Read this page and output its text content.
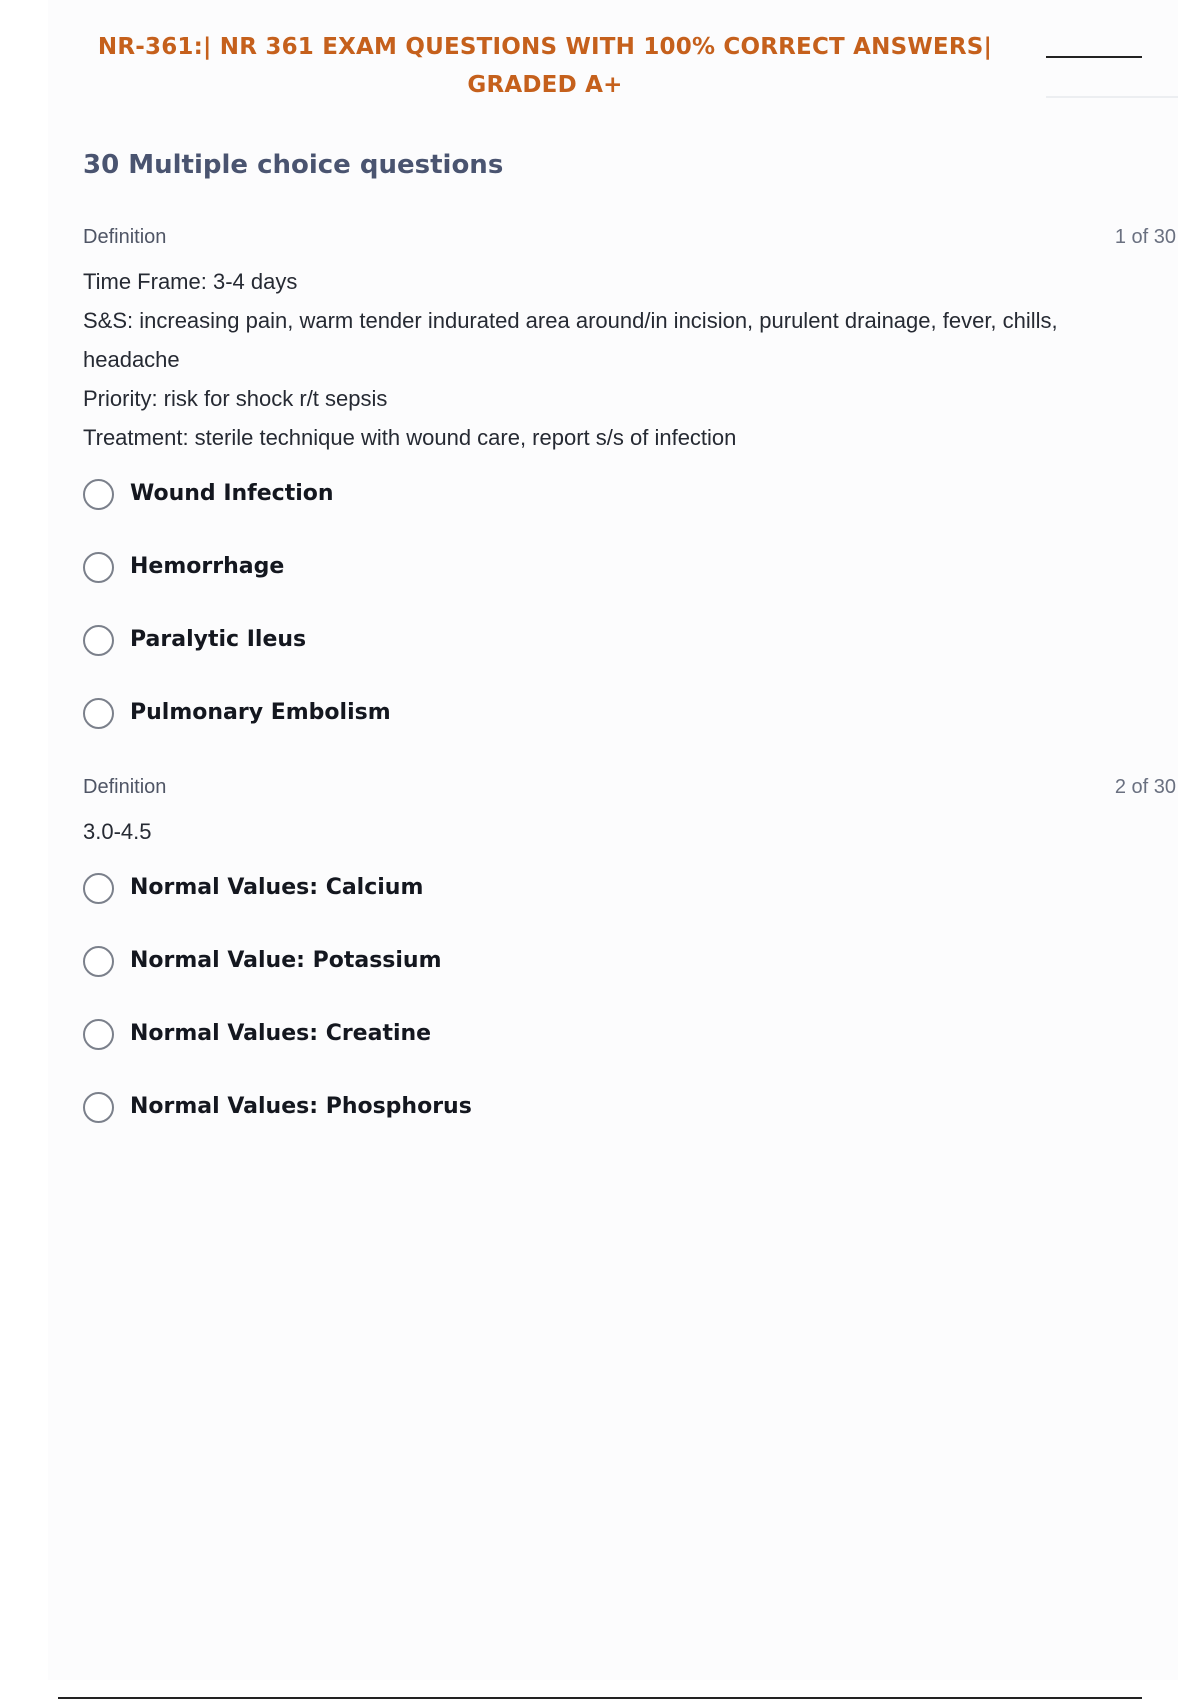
NR-361:| NR 361 EXAM QUESTIONS WITH 100% CORRECT ANSWERS|
GRADED A+
30 Multiple choice questions
Definition	1 of 30
Time Frame: 3-4 days
S&S: increasing pain, warm tender indurated area around/in incision, purulent drainage, fever, chills, headache
Priority: risk for shock r/t sepsis
Treatment: sterile technique with wound care, report s/s of infection
Wound Infection
Hemorrhage
Paralytic Ileus
Pulmonary Embolism
Definition	2 of 30
3.0-4.5
Normal Values: Calcium
Normal Value: Potassium
Normal Values: Creatine
Normal Values: Phosphorus
